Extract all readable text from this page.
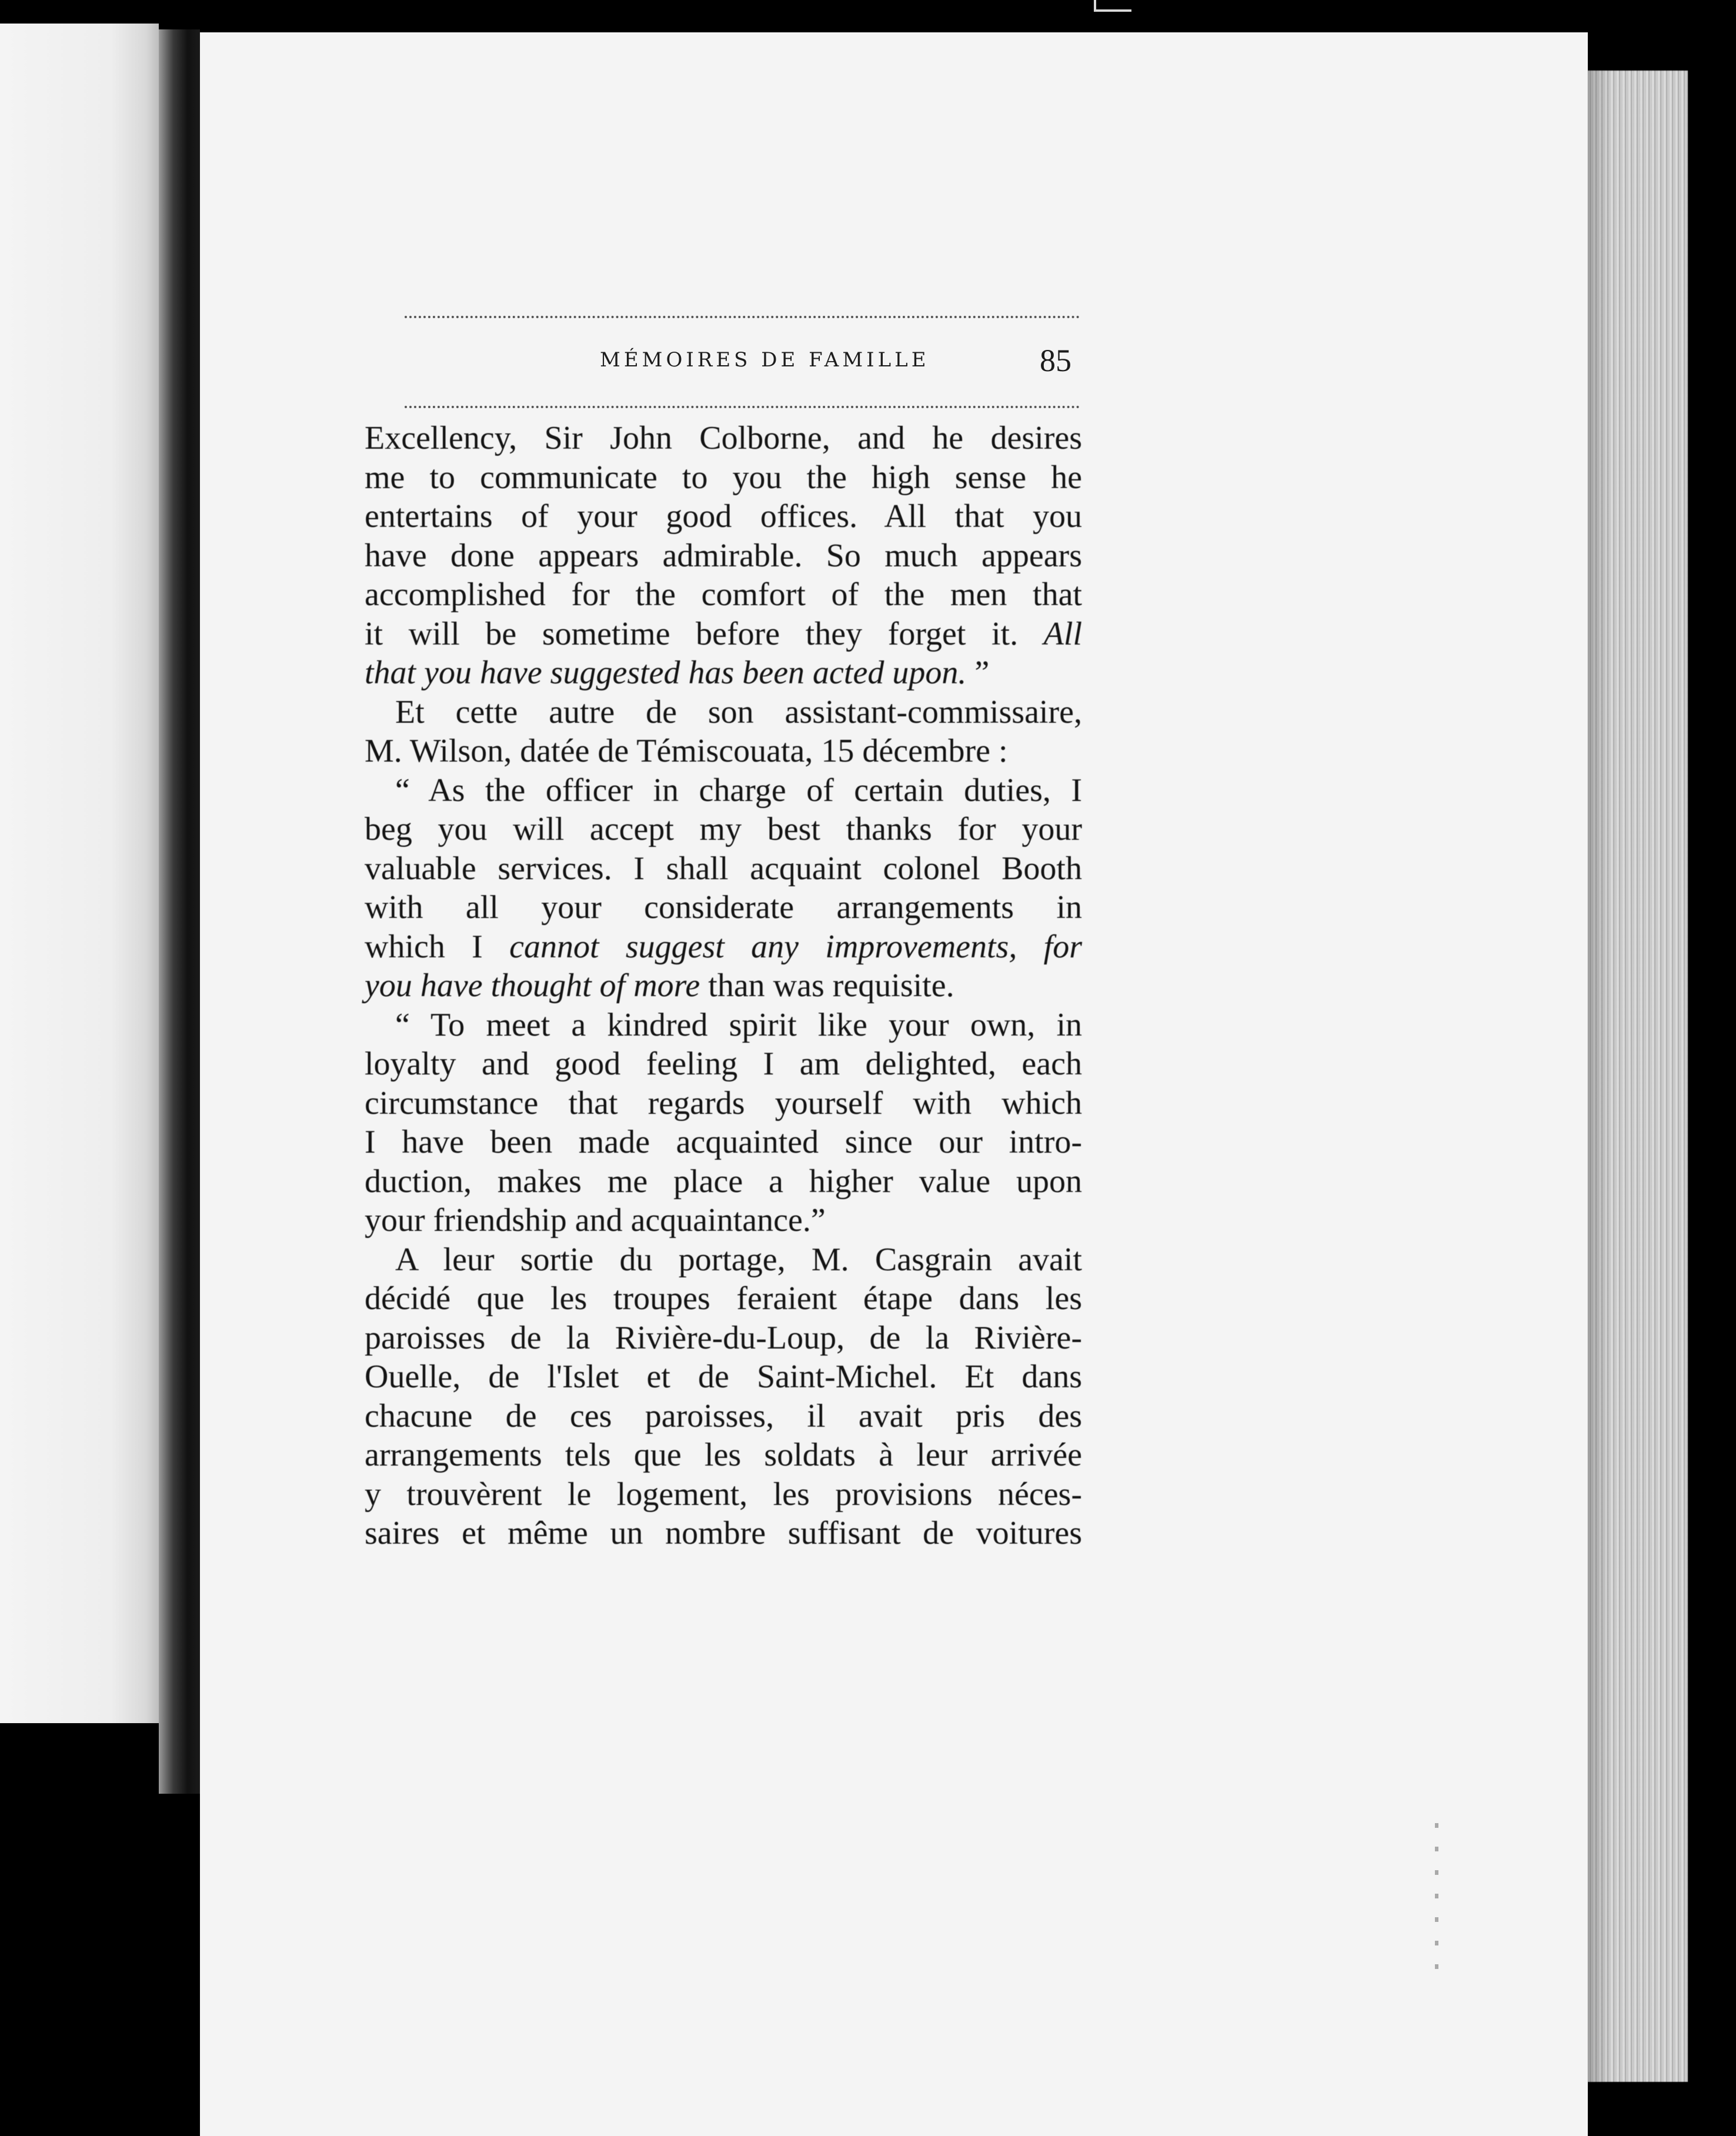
MÉMOIRES DE FAMILLE	85
Excellency, Sir John Colborne, and he desires
me to communicate to you the high sense he
entertains of your good offices. All that you
have done appears admirable. So much appears
accomplished for the comfort of the men that
it will be sometime before they forget it. All
that you have suggested has been acted upon. ”
Et cette autre de son assistant-commissaire,
M. Wilson, datée de Témiscouata, 15 décembre :
“ As the officer in charge of certain duties, I
beg you will accept my best thanks for your
valuable services. I shall acquaint colonel Booth
with all your considerate arrangements in
which I cannot suggest any improvements, for
you have thought of more than was requisite.
“ To meet a kindred spirit like your own, in
loyalty and good feeling I am delighted, each
circumstance that regards yourself with which
I have been made acquainted since our intro-
duction, makes me place a higher value upon
your friendship and acquaintance.”
A leur sortie du portage, M. Casgrain avait
décidé que les troupes feraient étape dans les
paroisses de la Rivière-du-Loup, de la Rivière-
Ouelle, de l'Islet et de Saint-Michel. Et dans
chacune de ces paroisses, il avait pris des
arrangements tels que les soldats à leur arrivée
y trouvèrent le logement, les provisions néces-
saires et même un nombre suffisant de voitures
